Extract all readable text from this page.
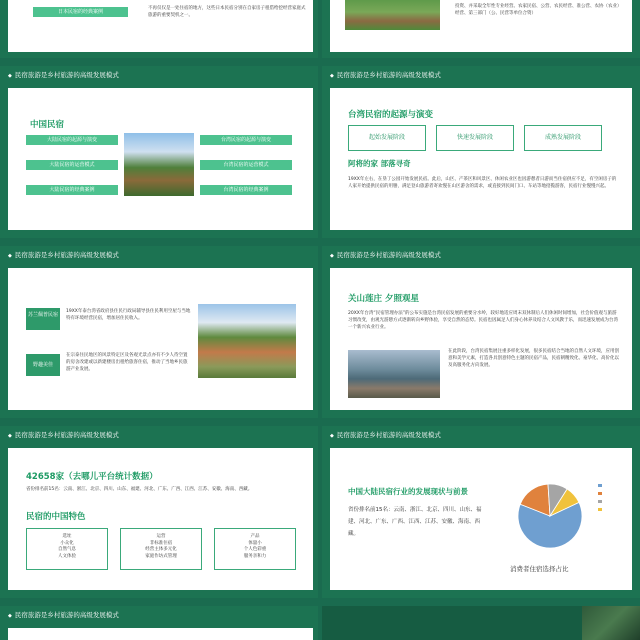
日本民宿的经典案例
不再仅仅是一处住宿的地方，这些日本民宿分别在自家房子租借给挖经营家庭式旅游的重要契机之一。
投资、并采取全年性专业经营。农家民宿、公营、农民经营、准公营、农协（农业）经营、第三部门（公、民营等单位合资）
◆ 民宿旅游是乡村旅游的高级发展模式
中国民宿
大陆民宿的起源与演变
大陆民宿的运营模式
大陆民宿的经典案例
台湾民宿的起源与演变
台湾民宿的运营模式
台湾民宿的经典案例
◆ 民宿旅游是乡村旅游的高级发展模式
台湾民宿的起源与演变
起始发展阶段	快速发展阶段	成熟发展阶段
阿将的家 部落寻奇
19XX年左右，在垦丁公园开始发展民宿。此后，山区、产茶区和风景区、休闲农业区也因游憩者日游而当住宿供应不足，有空闲房子的人家开始提供民宿的用膳，满足登山旅游者寄欢慢在山区游舍的需求，或直接到民间门口、车站等地招揽游客，民宿行业慢慢兴起。
◆ 民宿旅游是乡村旅游的高级发展模式
苏兰佩普民宿
19XX年泰台湾省政府县住民行政局辅导县住民利用空屋与当地特有环境经营民宿，增加居住民收入。
野趣美佳
在宗泰住民地区的风景特定区及各观光景点亦有不少人待空置的房舍改建或以新建楼房出租给旅客住宿，推动了当地乡民旅游产业发展。
◆ 民宿旅游是乡村旅游的高级发展模式
关山莲庄 夕照观星
20XX年台湾“民宿管理办法”的公布实施是台湾民宿发展的重要分水岭，较好地适应周末双休制后人们休闲时间增加，社会价值观与旅游习惯改变，由观光游憩方式逐渐转向乡野体验，享受自然的态势。民宿也因属足人们身心休养及结合人文风教于乐，而迅速发展成为台湾一个新兴农业行业。
在此阶段，台湾民宿集展注重多样化发展，很多民宿结合当地的自然人文环境，应用创意和美学元素，打造各具创意特色主题的民宿产品，民宿朝精致化、豪华化、高价化以及高服务化方向发展。
◆ 民宿旅游是乡村旅游的高级发展模式
42658家（去哪儿平台统计数据）
省份排名前15名：云南、浙江、北京、四川、山东、福建、河北、广东、广西、江西、江苏、安徽、海南、西藏。
民宿的中国特色
选址
小众化
自然气息
人文体验
运营
非标准住宿
经营主体多元化
家庭作坊式管理
产品
体量小
个人色彩重
服务亲和力
◆ 民宿旅游是乡村旅游的高级发展模式
中国大陆民宿行业的发展现状与前景
省份排名前15名：云南、浙江、北京、四川、山东、福建、河北、广东、广西、江西、江苏、安徽、海南、西藏。
消费者住宿选择占比
◆ 民宿旅游是乡村旅游的高级发展模式
